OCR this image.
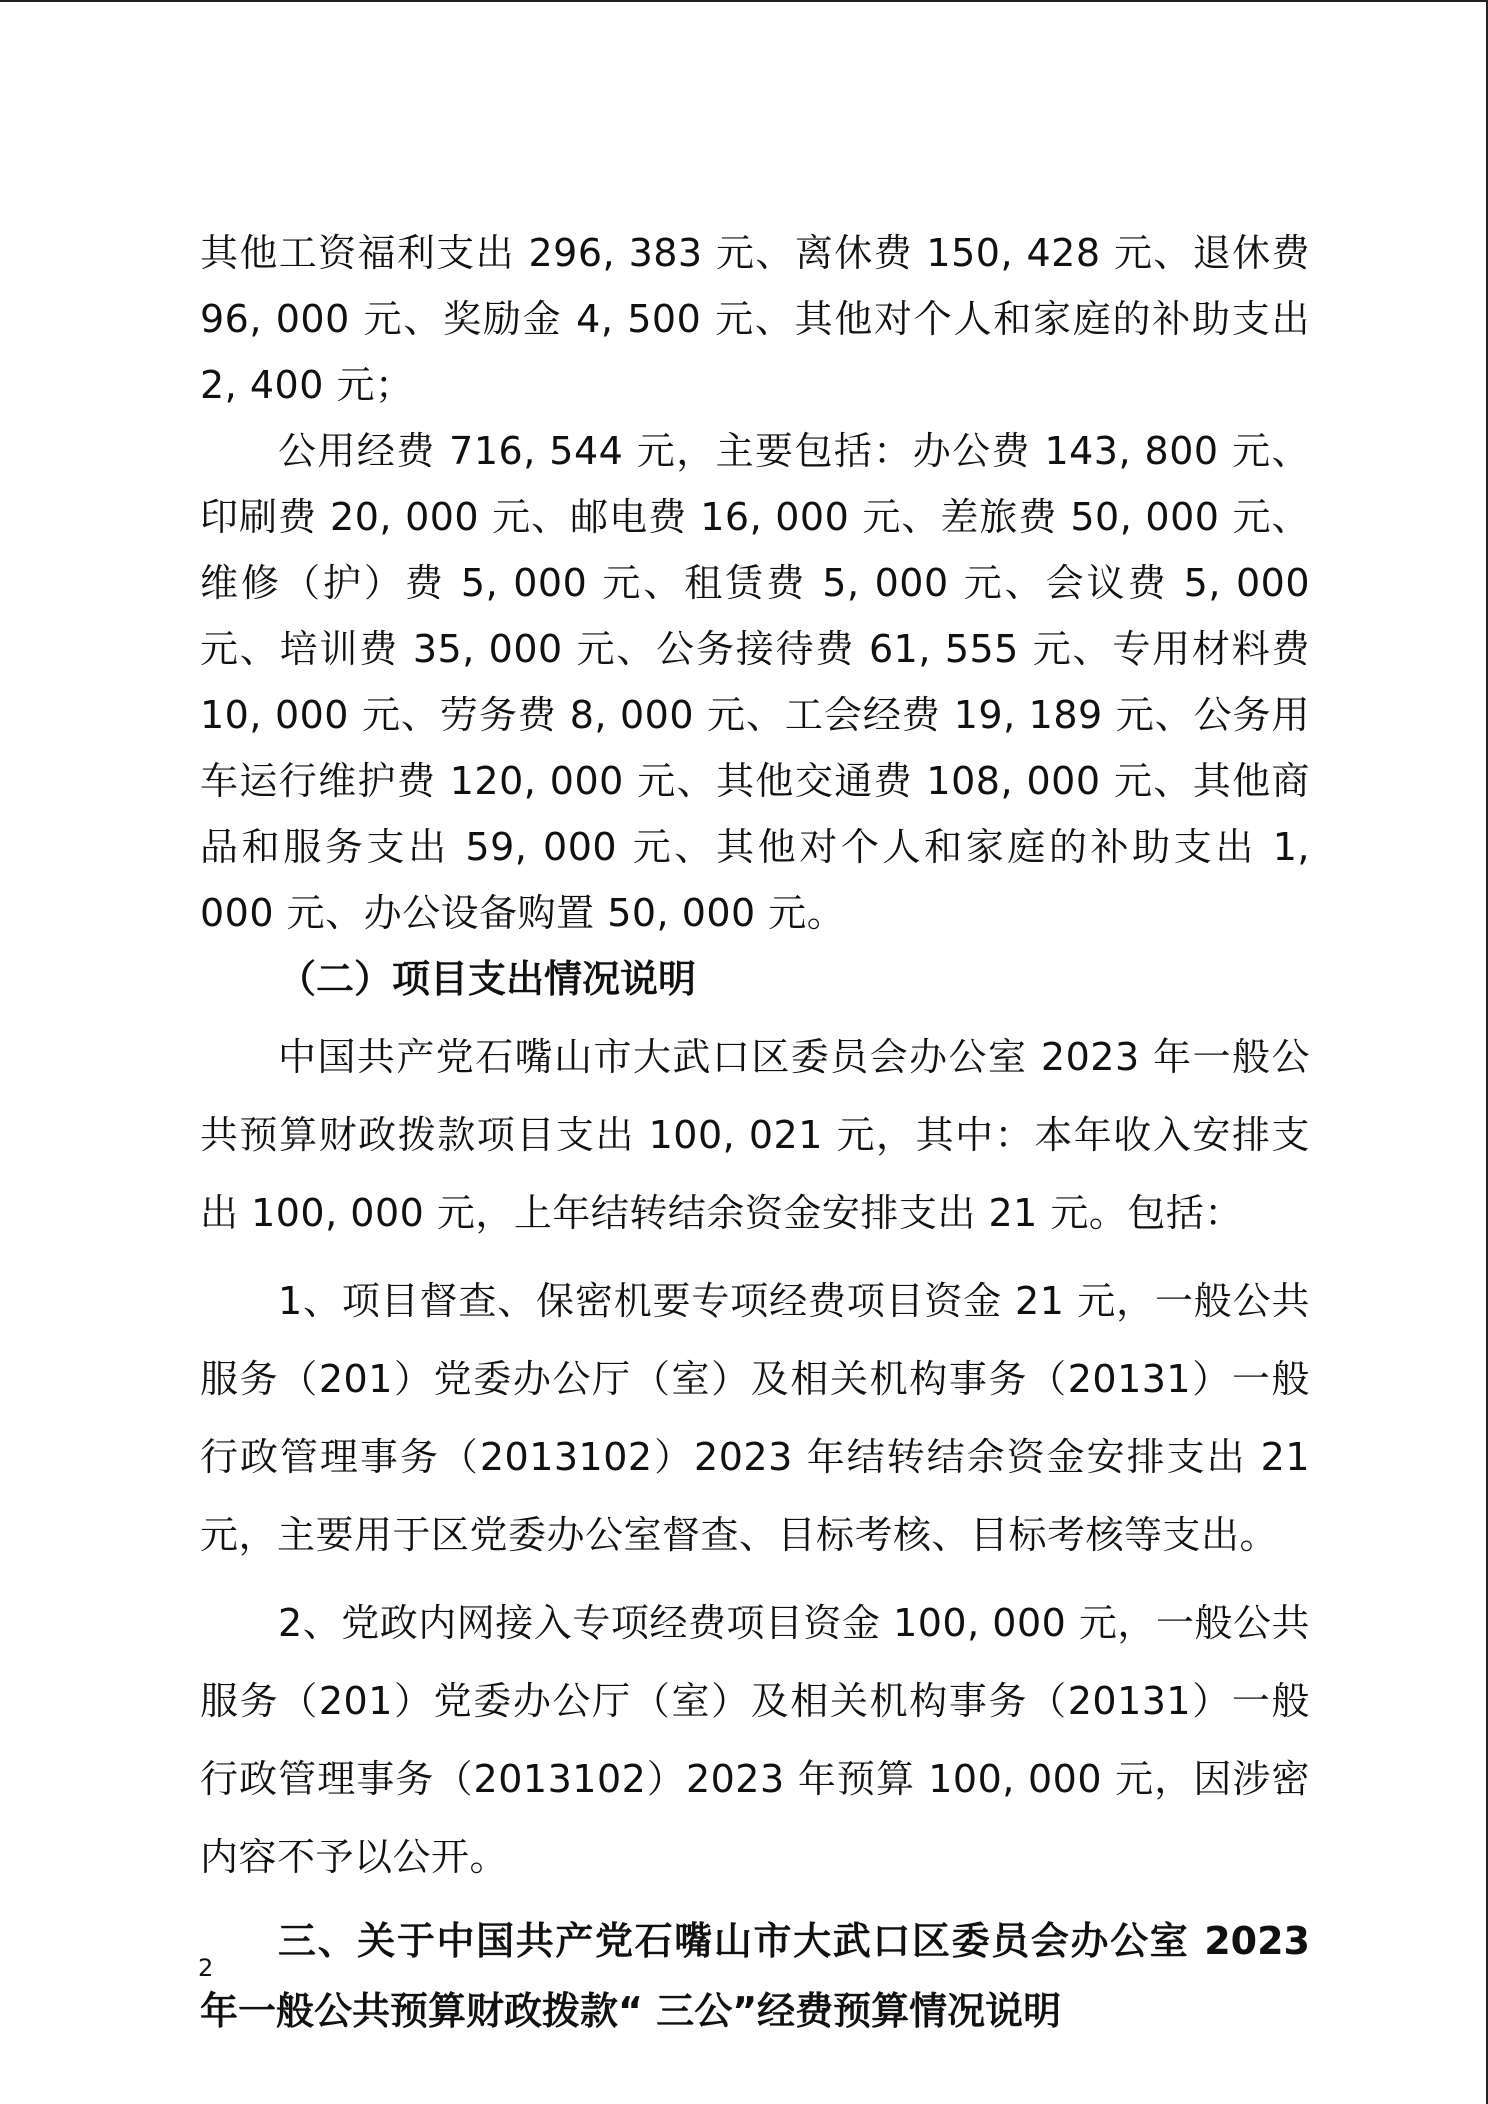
其他工资福利支出 296, 383 元、离休费 150, 428 元、退休费 96, 000 元、奖励金 4, 500 元、其他对个人和家庭的补助支出 2, 400 元；

公用经费 716, 544 元，主要包括：办公费 143, 800 元、印刷费 20, 000 元、邮电费 16, 000 元、差旅费 50, 000 元、维修（护）费 5, 000 元、租赁费 5, 000 元、会议费 5, 000 元、培训费 35, 000 元、公务接待费 61, 555 元、专用材料费 10, 000 元、劳务费 8, 000 元、工会经费 19, 189 元、公务用车运行维护费 120, 000 元、其他交通费 108, 000 元、其他商品和服务支出 59, 000 元、其他对个人和家庭的补助支出 1, 000 元、办公设备购置 50, 000 元。

（二）项目支出情况说明

中国共产党石嘴山市大武口区委员会办公室 2023 年一般公共预算财政拨款项目支出 100, 021 元，其中：本年收入安排支出 100, 000 元，上年结转结余资金安排支出 21 元。包括：

1、项目督查、保密机要专项经费项目资金 21 元，一般公共服务（201）党委办公厅（室）及相关机构事务（20131）一般行政管理事务（2013102）2023 年结转结余资金安排支出 21 元，主要用于区党委办公室督查、目标考核、目标考核等支出。

2、党政内网接入专项经费项目资金 100, 000 元，一般公共服务（201）党委办公厅（室）及相关机构事务（20131）一般行政管理事务（2013102）2023 年预算 100, 000 元，因涉密内容不予以公开。

三、关于中国共产党石嘴山市大武口区委员会办公室 2023 年一般公共预算财政拨款“ 三公”经费预算情况说明

2
